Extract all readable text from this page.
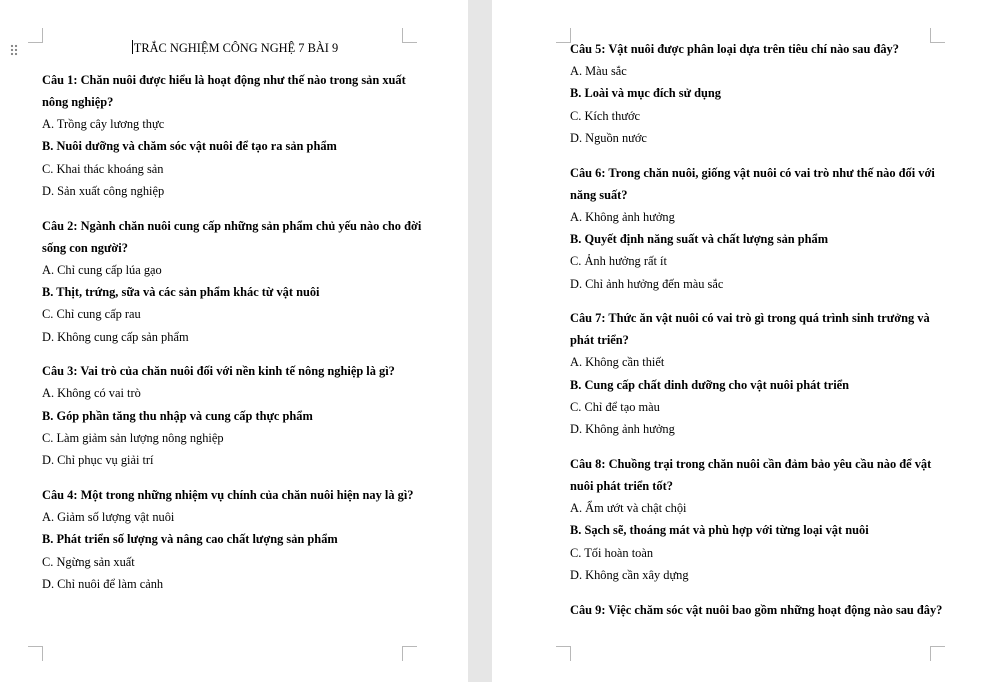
TRẮC NGHIỆM CÔNG NGHỆ 7 BÀI 9
Câu 1: Chăn nuôi được hiểu là hoạt động như thế nào trong sản xuất nông nghiệp?
A. Trồng cây lương thực
B. Nuôi dưỡng và chăm sóc vật nuôi để tạo ra sản phẩm
C. Khai thác khoáng sản
D. Sản xuất công nghiệp
Câu 2: Ngành chăn nuôi cung cấp những sản phẩm chủ yếu nào cho đời sống con người?
A. Chỉ cung cấp lúa gạo
B. Thịt, trứng, sữa và các sản phẩm khác từ vật nuôi
C. Chỉ cung cấp rau
D. Không cung cấp sản phẩm
Câu 3: Vai trò của chăn nuôi đối với nền kinh tế nông nghiệp là gì?
A. Không có vai trò
B. Góp phần tăng thu nhập và cung cấp thực phẩm
C. Làm giảm sản lượng nông nghiệp
D. Chỉ phục vụ giải trí
Câu 4: Một trong những nhiệm vụ chính của chăn nuôi hiện nay là gì?
A. Giảm số lượng vật nuôi
B. Phát triển số lượng và nâng cao chất lượng sản phẩm
C. Ngừng sản xuất
D. Chỉ nuôi để làm cảnh
Câu 5: Vật nuôi được phân loại dựa trên tiêu chí nào sau đây?
A. Màu sắc
B. Loài và mục đích sử dụng
C. Kích thước
D. Nguồn nước
Câu 6: Trong chăn nuôi, giống vật nuôi có vai trò như thế nào đối với năng suất?
A. Không ảnh hưởng
B. Quyết định năng suất và chất lượng sản phẩm
C. Ảnh hưởng rất ít
D. Chỉ ảnh hưởng đến màu sắc
Câu 7: Thức ăn vật nuôi có vai trò gì trong quá trình sinh trưởng và phát triển?
A. Không cần thiết
B. Cung cấp chất dinh dưỡng cho vật nuôi phát triển
C. Chỉ để tạo màu
D. Không ảnh hưởng
Câu 8: Chuồng trại trong chăn nuôi cần đảm bảo yêu cầu nào để vật nuôi phát triển tốt?
A. Ẩm ướt và chật chội
B. Sạch sẽ, thoáng mát và phù hợp với từng loại vật nuôi
C. Tối hoàn toàn
D. Không cần xây dựng
Câu 9: Việc chăm sóc vật nuôi bao gồm những hoạt động nào sau đây?
